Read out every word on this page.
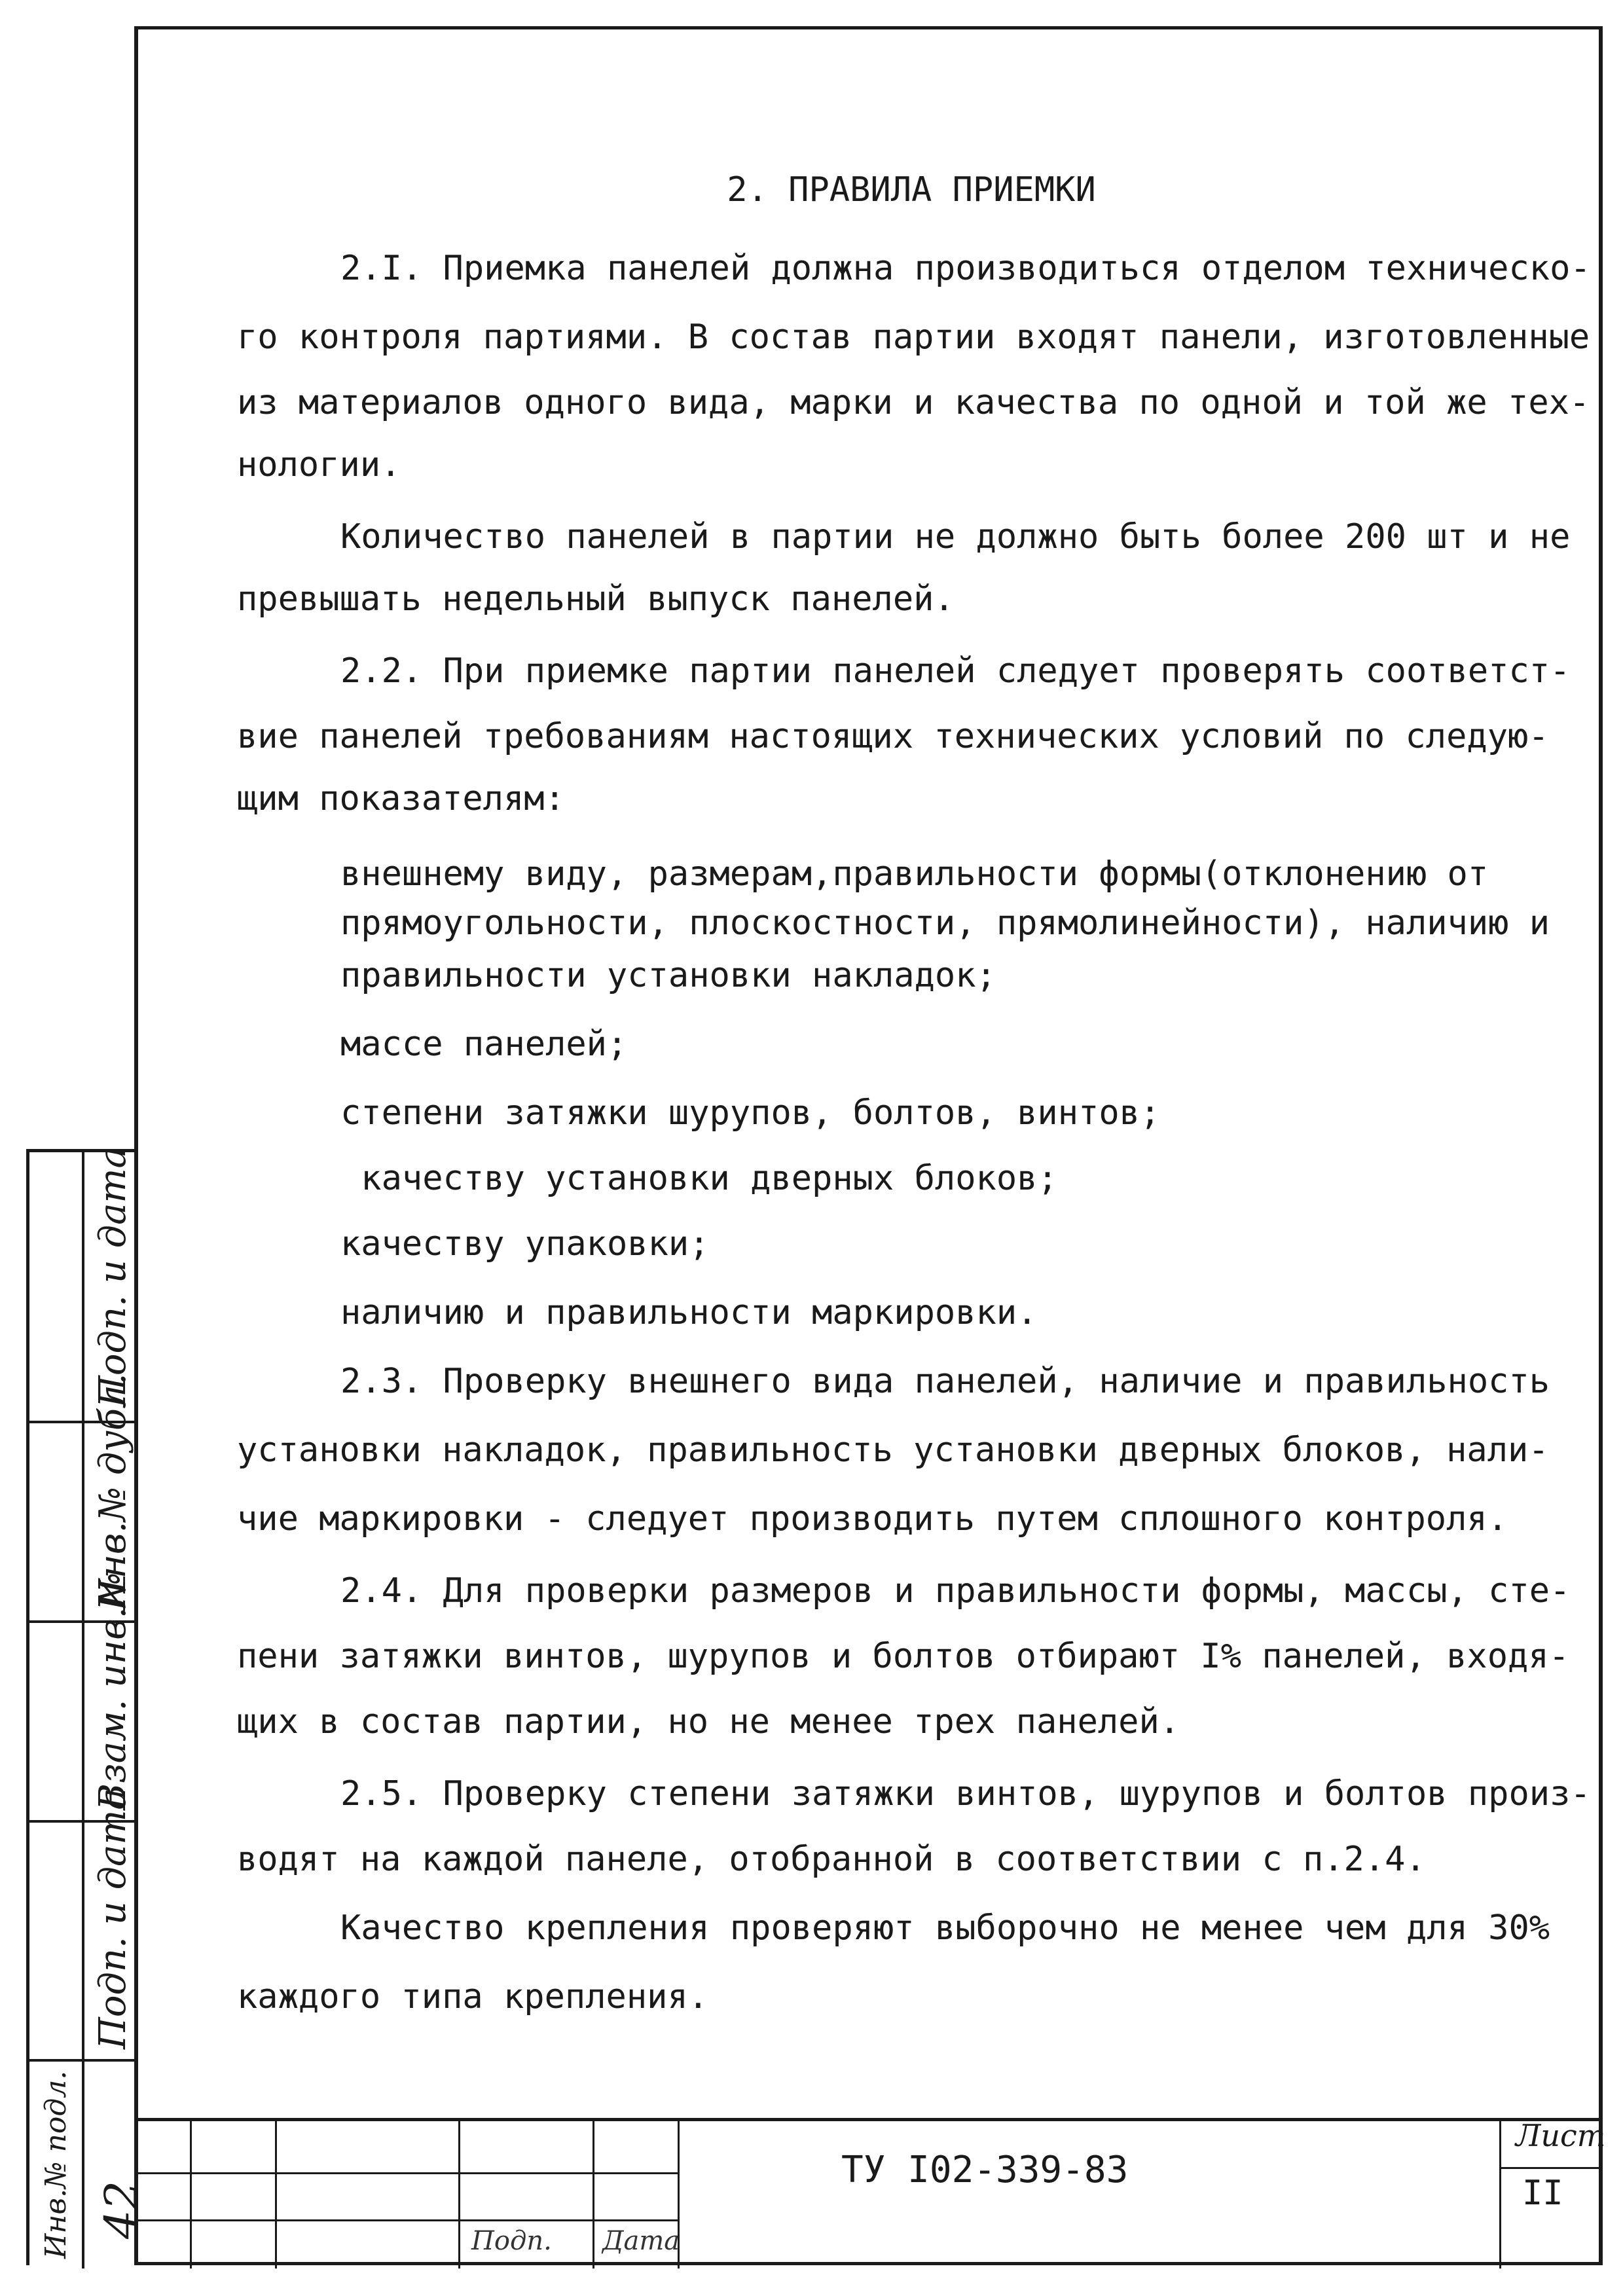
2. ПРАВИЛА ПРИЕМКИ
2.I. Приемка панелей должна производиться отделом техническо-
го контроля партиями. В состав партии входят панели, изготовленные
из материалов одного вида, марки и качества по одной и той же тех-
нологии.
Количество панелей в партии не должно быть более 200 шт и не
превышать недельный выпуск панелей.
2.2. При приемке партии панелей следует проверять соответст-
вие панелей требованиям настоящих технических условий по следую-
щим показателям:
внешнему виду, размерам,правильности формы(отклонению от
прямоугольности, плоскостности, прямолинейности), наличию и
правильности установки накладок;
массе панелей;
степени затяжки шурупов, болтов, винтов;
качеству установки дверных блоков;
качеству упаковки;
наличию и правильности маркировки.
2.3. Проверку внешнего вида панелей, наличие и правильность
установки накладок, правильность установки дверных блоков, нали-
чие маркировки - следует производить путем сплошного контроля.
2.4. Для проверки размеров и правильности формы, массы, сте-
пени затяжки винтов, шурупов и болтов отбирают I% панелей, входя-
щих в состав партии, но не менее трех панелей.
2.5. Проверку степени затяжки винтов, шурупов и болтов произ-
водят на каждой панеле, отобранной в соответствии с п.2.4.
Качество крепления проверяют выборочно не менее чем для 30%
каждого типа крепления.
Подп. и дата
Инв.№ дубл.
Взам. инв.№
Подп. и дата
Инв.№ подл. 42
ТУ I02-339-83
Лист
II
Подп. Дата
